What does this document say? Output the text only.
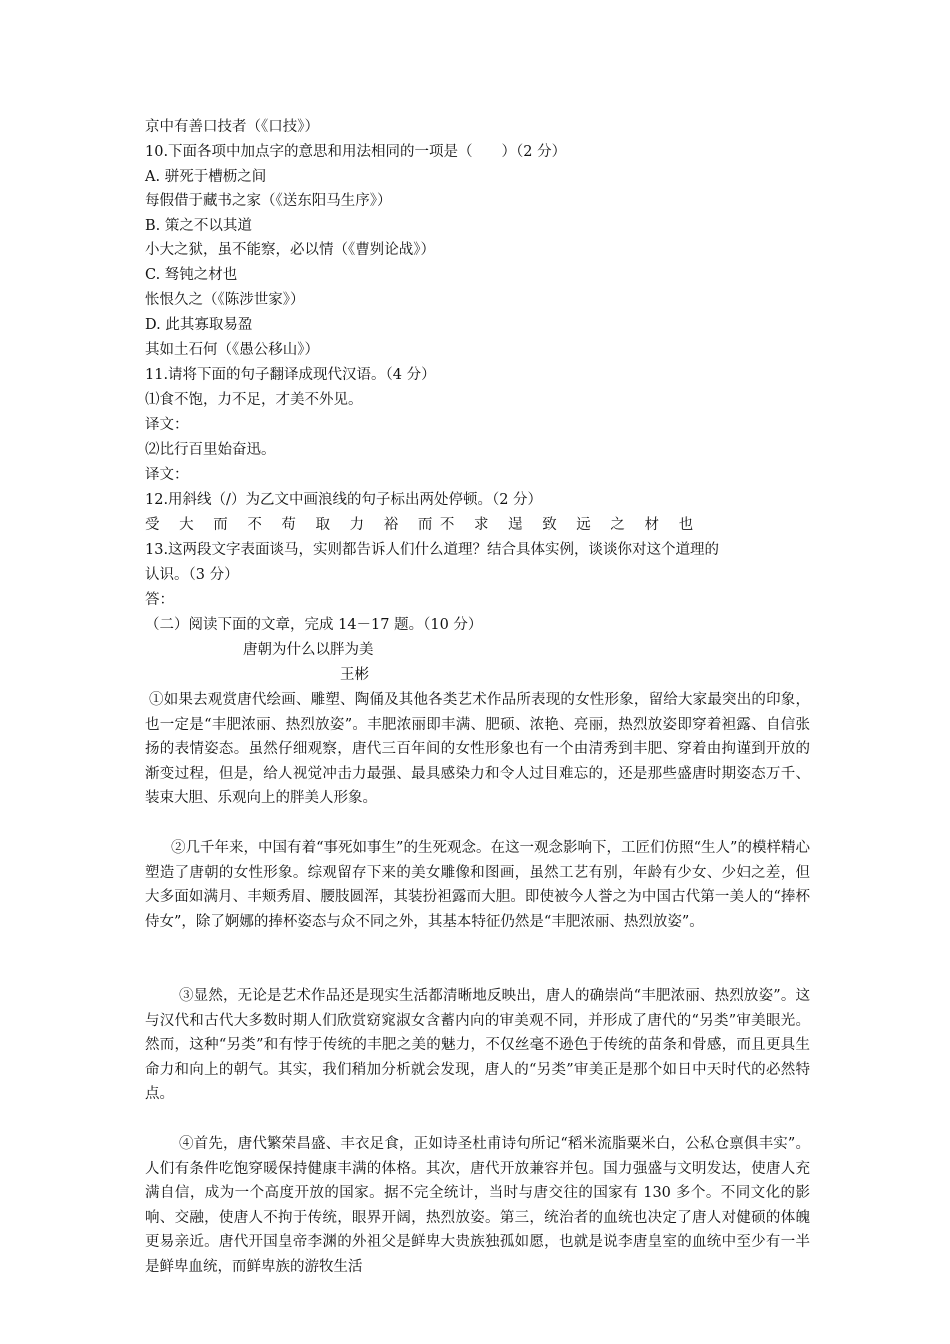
京中有善口技者（《口技》）
10.下面各项中加点字的意思和用法相同的一项是（　　）（2 分）
A. 骈死于槽枥之间
每假借于藏书之家（《送东阳马生序》）
B. 策之不以其道
小大之狱，虽不能察，必以情（《曹刿论战》）
C. 驽钝之材也
怅恨久之（《陈涉世家》）
D. 此其寡取易盈
其如土石何（《愚公移山》）
11.请将下面的句子翻译成现代汉语。（4 分）
⑴食不饱，力不足，才美不外见。
译文：
⑵比行百里始奋迅。
译文：
12.用斜线（/）为乙文中画浪线的句子标出两处停顿。（2 分）
受 大 而 不 苟 取 力 裕 而不 求 逞 致 远 之 材 也
13.这两段文字表面谈马，实则都告诉人们什么道理？结合具体实例，谈谈你对这个道理的
认识。（3 分）
答：
（二）阅读下面的文章，完成 14－17 题。（10 分）
唐朝为什么以胖为美
王彬
①如果去观赏唐代绘画、雕塑、陶俑及其他各类艺术作品所表现的女性形象，留给大家最突出的印象，也一定是“丰肥浓丽、热烈放姿”。丰肥浓丽即丰满、肥硕、浓艳、亮丽，热烈放姿即穿着袒露、自信张扬的表情姿态。虽然仔细观察，唐代三百年间的女性形象也有一个由清秀到丰肥、穿着由拘谨到开放的渐变过程，但是，给人视觉冲击力最强、最具感染力和令人过目难忘的，还是那些盛唐时期姿态万千、装束大胆、乐观向上的胖美人形象。
②几千年来，中国有着“事死如事生”的生死观念。在这一观念影响下，工匠们仿照“生人”的模样精心塑造了唐朝的女性形象。综观留存下来的美女雕像和图画，虽然工艺有别，年龄有少女、少妇之差，但大多面如满月、丰颊秀眉、腰肢圆浑，其装扮袒露而大胆。即使被今人誉之为中国古代第一美人的“捧杯侍女”，除了婀娜的捧杯姿态与众不同之外，其基本特征仍然是“丰肥浓丽、热烈放姿”。
③显然，无论是艺术作品还是现实生活都清晰地反映出，唐人的确崇尚“丰肥浓丽、热烈放姿”。这与汉代和古代大多数时期人们欣赏窈窕淑女含蓄内向的审美观不同，并形成了唐代的“另类”审美眼光。然而，这种“另类”和有悖于传统的丰肥之美的魅力，不仅丝毫不逊色于传统的苗条和骨感，而且更具生命力和向上的朝气。其实，我们稍加分析就会发现，唐人的“另类”审美正是那个如日中天时代的必然特点。
④首先，唐代繁荣昌盛、丰衣足食，正如诗圣杜甫诗句所记“稻米流脂粟米白，公私仓禀俱丰实”。人们有条件吃饱穿暖保持健康丰满的体格。其次，唐代开放兼容并包。国力强盛与文明发达，使唐人充满自信，成为一个高度开放的国家。据不完全统计，当时与唐交往的国家有 130 多个。不同文化的影响、交融，使唐人不拘于传统，眼界开阔，热烈放姿。第三，统治者的血统也决定了唐人对健硕的体魄更易亲近。唐代开国皇帝李渊的外祖父是鲜卑大贵族独孤如愿，也就是说李唐皇室的血统中至少有一半是鲜卑血统，而鲜卑族的游牧生活
